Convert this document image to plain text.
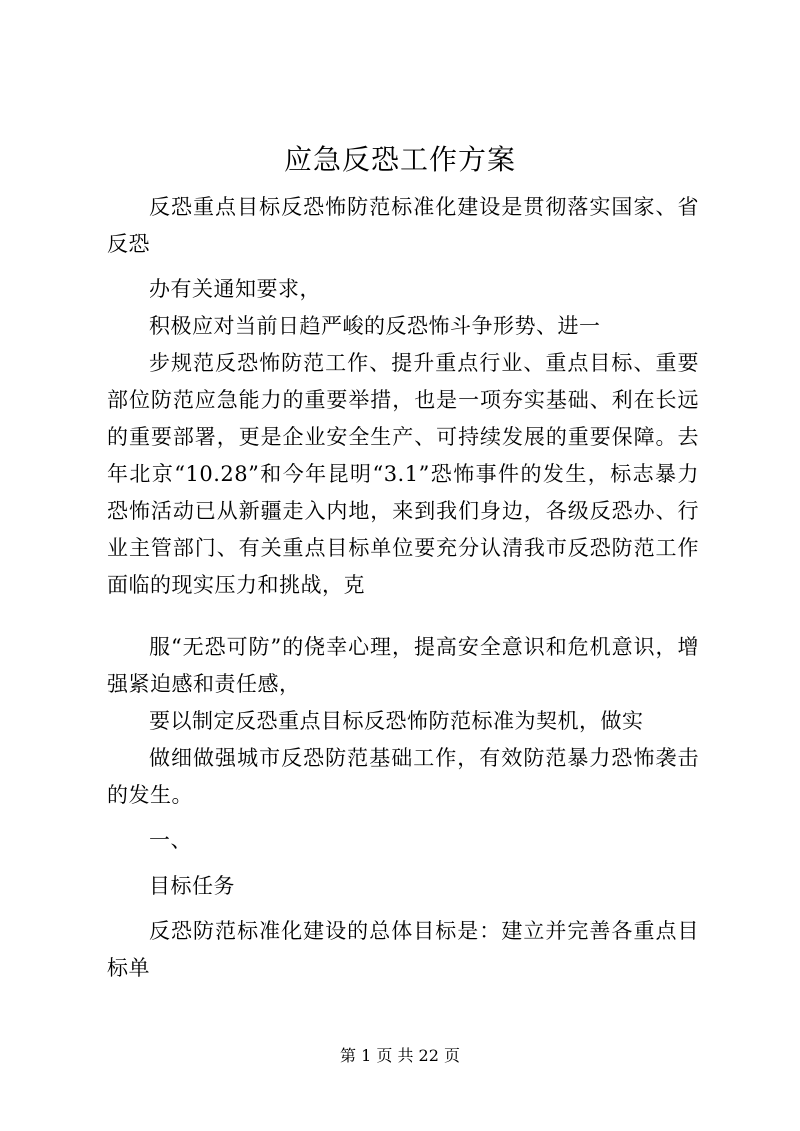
应急反恐工作方案
反恐重点目标反恐怖防范标准化建设是贯彻落实国家、省反恐
办有关通知要求，
积极应对当前日趋严峻的反恐怖斗争形势、进一
步规范反恐怖防范工作、提升重点行业、重点目标、重要部位防范应急能力的重要举措，也是一项夯实基础、利在长远的重要部署，更是企业安全生产、可持续发展的重要保障。去年北京“10.28”和今年昆明“3.1”恐怖事件的发生，标志暴力恐怖活动已从新疆走入内地，来到我们身边，各级反恐办、行业主管部门、有关重点目标单位要充分认清我市反恐防范工作面临的现实压力和挑战，克
服“无恐可防”的侥幸心理，提高安全意识和危机意识，增强紧迫感和责任感，
要以制定反恐重点目标反恐怖防范标准为契机，做实
做细做强城市反恐防范基础工作，有效防范暴力恐怖袭击的发生。
一、
目标任务
反恐防范标准化建设的总体目标是：建立并完善各重点目标单
第 1 页 共 22 页
